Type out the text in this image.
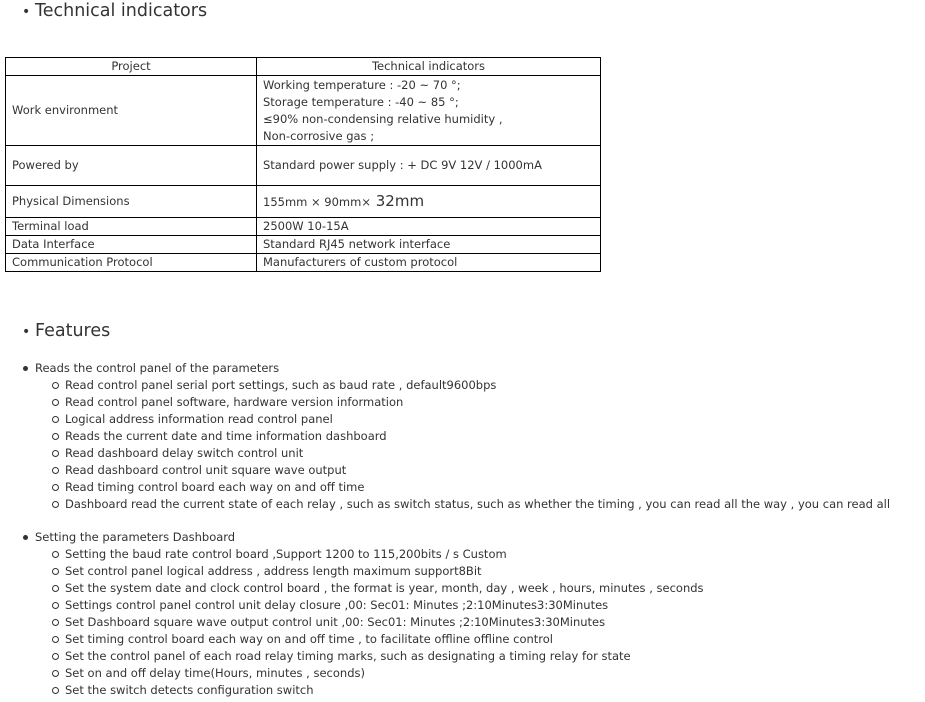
• Technical indicators
Project	Technical indicators
Work environment	Working temperature : -20 ~ 70 °;
Storage temperature : -40 ~ 85 °;
≤90% non-condensing relative humidity ,
Non-corrosive gas ;

Powered by	Standard power supply : + DC 9V 12V / 1000mA
Physical Dimensions	155mm × 90mm× 32mm
Terminal load	2500W 10-15A
Data Interface	Standard RJ45 network interface
Communication Protocol	Manufacturers of custom protocol
• Features
Reads the control panel of the parameters
Read control panel serial port settings, such as baud rate , default9600bps
Read control panel software, hardware version information
Logical address information read control panel
Reads the current date and time information dashboard
Read dashboard delay switch control unit
Read dashboard control unit square wave output
Read timing control board each way on and off time
Dashboard read the current state of each relay , such as switch status, such as whether the timing , you can read all the way , you can read all
Setting the parameters Dashboard
Setting the baud rate control board ,Support 1200 to 115,200bits / s Custom
Set control panel logical address , address length maximum support8Bit
Set the system date and clock control board , the format is year, month, day , week , hours, minutes , seconds
Settings control panel control unit delay closure ,00: Sec01: Minutes ;2:10Minutes3:30Minutes
Set Dashboard square wave output control unit ,00: Sec01: Minutes ;2:10Minutes3:30Minutes
Set timing control board each way on and off time , to facilitate offline offline control
Set the control panel of each road relay timing marks, such as designating a timing relay for state
Set on and off delay time(Hours, minutes , seconds)
Set the switch detects configuration switch
